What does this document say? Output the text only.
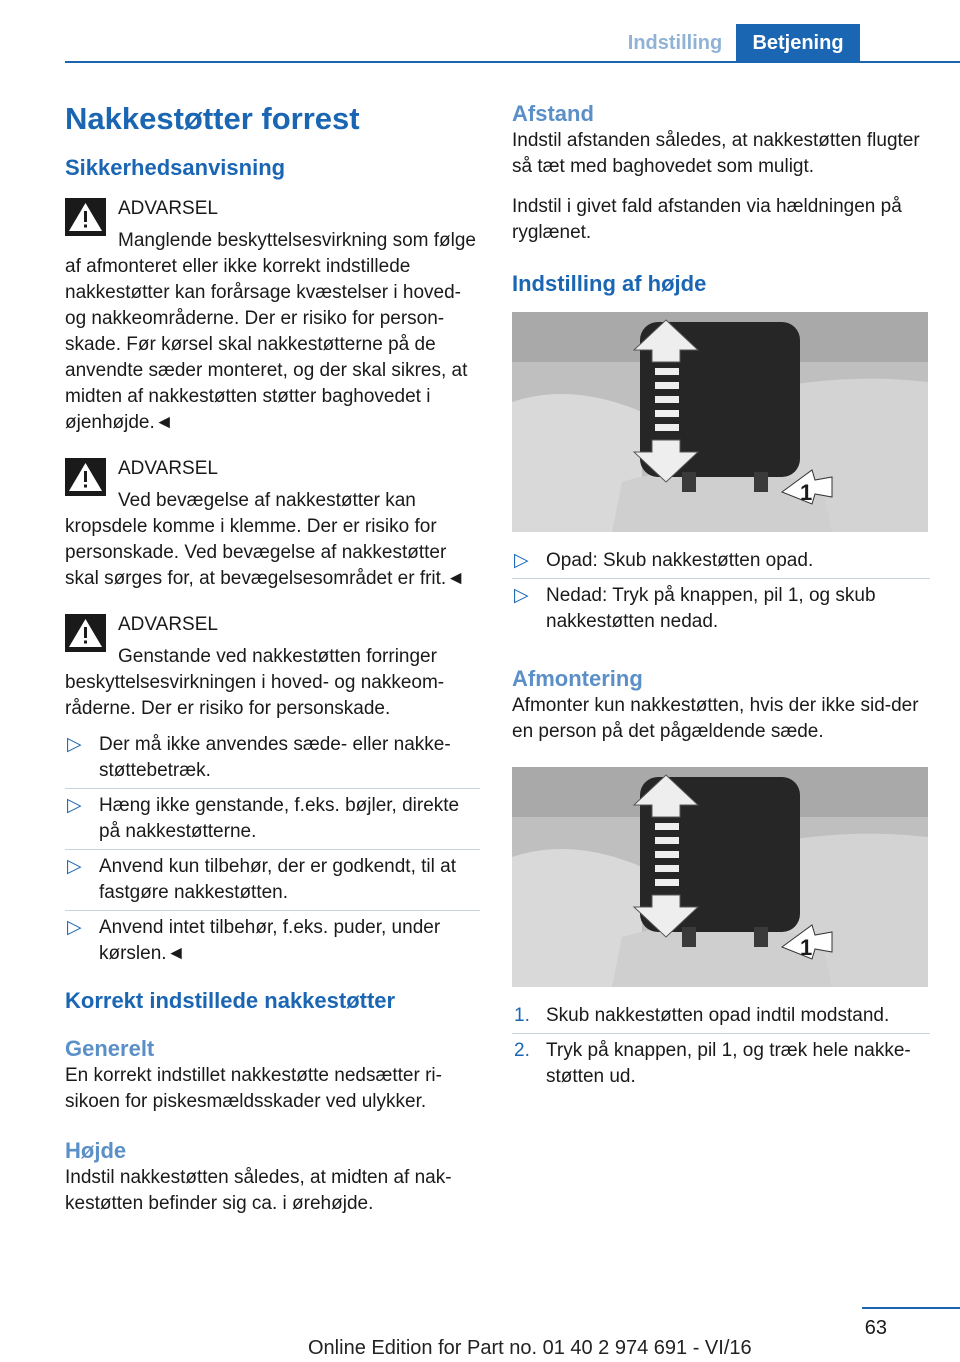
Indstilling	Betjening
Nakkestøtter forrest
Sikkerhedsanvisning
ADVARSEL
Manglende beskyttelsesvirkning som følge af afmonteret eller ikke korrekt indstillede nakkestøtter kan forårsage kvæstelser i hoved- og nakkeområderne. Der er risiko for person-skade. Før kørsel skal nakkestøtterne på de anvendte sæder monteret, og der skal sikres, at midten af nakkestøtten støtter baghovedet i øjenhøjde.◄
ADVARSEL
Ved bevægelse af nakkestøtter kan kropsdele komme i klemme. Der er risiko for personskade. Ved bevægelse af nakkestøtter skal sørges for, at bevægelsesområdet er frit.◄
ADVARSEL
Genstande ved nakkestøtten forringer beskyttelsesvirkningen i hoved- og nakkeom-råderne. Der er risiko for personskade.
▷ Der må ikke anvendes sæde- eller nakke-støttebetræk.
▷ Hæng ikke genstande, f.eks. bøjler, direkte på nakkestøtterne.
▷ Anvend kun tilbehør, der er godkendt, til at fastgøre nakkestøtten.
▷ Anvend intet tilbehør, f.eks. puder, under kørslen.◄
Korrekt indstillede nakkestøtter
Generelt

En korrekt indstillet nakkestøtte nedsætter ri-sikoen for piskesmældsskader ved ulykker.

Højde

Indstil nakkestøtten således, at midten af nak-kestøtten befinder sig ca. i ørehøjde.

Afstand

Indstil afstanden således, at nakkestøtten flugter så tæt med baghovedet som muligt.

Indstil i givet fald afstanden via hældningen på ryglænet.

Indstilling af højde
1
▷ Opad: Skub nakkestøtten opad.
▷ Nedad: Tryk på knappen, pil 1, og skub nakkestøtten nedad.
Afmontering

Afmonter kun nakkestøtten, hvis der ikke sid-der en person på det pågældende sæde.

1
1. Skub nakkestøtten opad indtil modstand.
2. Tryk på knappen, pil 1, og træk hele nakke-støtten ud.
63
Online Edition for Part no. 01 40 2 974 691 - VI/16
